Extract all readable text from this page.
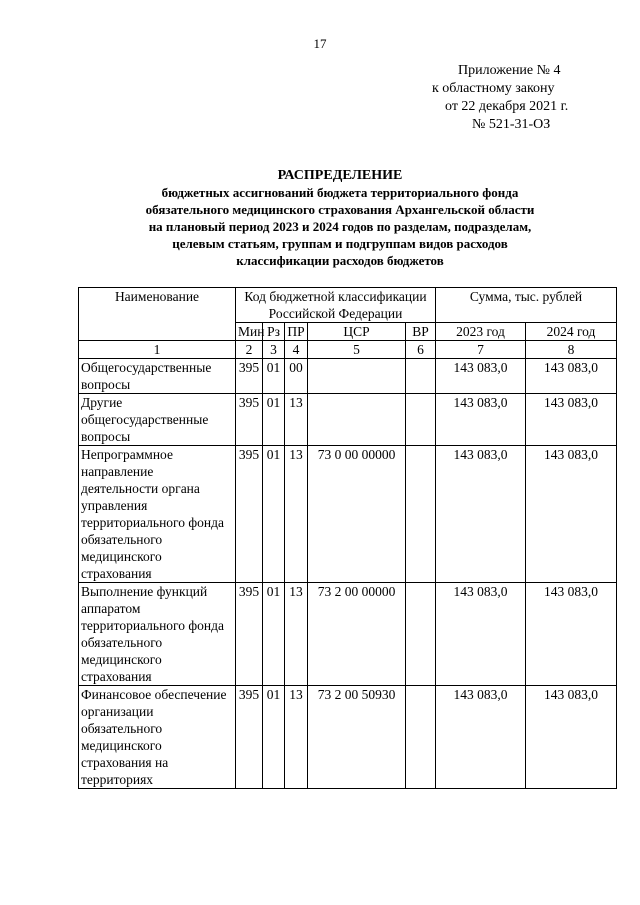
17
Приложение № 4
к областному закону
от 22 декабря 2021 г.
№ 521-31-ОЗ
РАСПРЕДЕЛЕНИЕ
бюджетных ассигнований бюджета территориального фонда
обязательного медицинского страхования Архангельской области
на плановый период 2023 и 2024 годов по разделам, подразделам,
целевым статьям, группам и подгруппам видов расходов
классификации расходов бюджетов
Наименование	Код бюджетной классификации Российской Федерации					Сумма, тыс. рублей	
	Мин	Рз	ПР	ЦСР	ВР	2023 год	2024 год
1	2	3	4	5	6	7	8
Общегосударственные вопросы	395	01	00			143 083,0	143 083,0
Другие общегосударственные вопросы	395	01	13			143 083,0	143 083,0
Непрограммное направление деятельности органа управления территориального фонда обязательного медицинского страхования	395	01	13	73 0 00 00000		143 083,0	143 083,0
Выполнение функций аппаратом территориального фонда обязательного медицинского страхования	395	01	13	73 2 00 00000		143 083,0	143 083,0
Финансовое обеспечение организации обязательного медицинского страхования на территориях	395	01	13	73 2 00 50930		143 083,0	143 083,0
